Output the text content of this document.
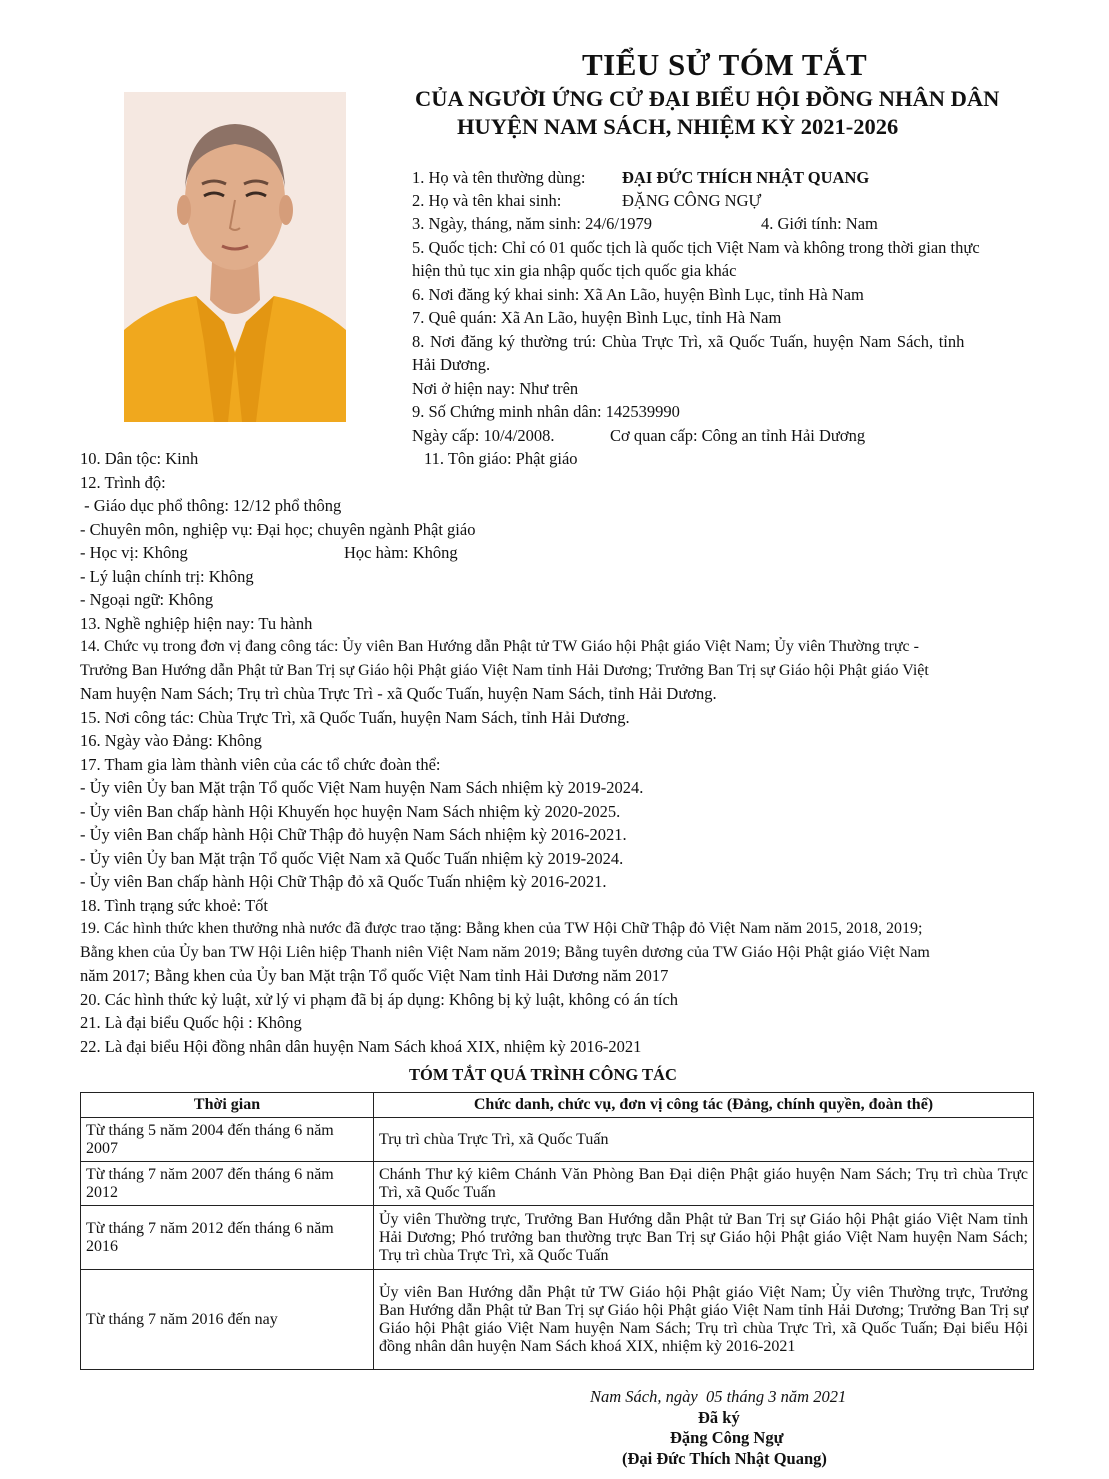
TIỂU SỬ TÓM TẮT
CỦA NGƯỜI ỨNG CỬ ĐẠI BIỂU HỘI ĐỒNG NHÂN DÂN
HUYỆN NAM SÁCH, NHIỆM KỲ 2021-2026
1. Họ và tên thường dùng: ĐẠI ĐỨC THÍCH NHẬT QUANG
2. Họ và tên khai sinh:	ĐẶNG CÔNG NGỰ
3. Ngày, tháng, năm sinh: 24/6/1979	4. Giới tính: Nam
5. Quốc tịch: Chỉ có 01 quốc tịch là quốc tịch Việt Nam và không trong thời gian thực
hiện thủ tục xin gia nhập quốc tịch quốc gia khác
6. Nơi đăng ký khai sinh: Xã An Lão, huyện Bình Lục, tỉnh Hà Nam
7. Quê quán: Xã An Lão, huyện Bình Lục, tỉnh Hà Nam
8. Nơi đăng ký thường trú: Chùa Trực Trì, xã Quốc Tuấn, huyện Nam Sách, tỉnh
Hải Dương.
Nơi ở hiện nay: Như trên
9. Số Chứng minh nhân dân: 142539990
Ngày cấp: 10/4/2008.	Cơ quan cấp: Công an tỉnh Hải Dương
10. Dân tộc: Kinh	11. Tôn giáo: Phật giáo
12. Trình độ:
- Giáo dục phổ thông: 12/12 phổ thông
- Chuyên môn, nghiệp vụ: Đại học; chuyên ngành Phật giáo
- Học vị: Không	Học hàm: Không
- Lý luận chính trị: Không
- Ngoại ngữ: Không
13. Nghề nghiệp hiện nay: Tu hành
14. Chức vụ trong đơn vị đang công tác: Ủy viên Ban Hướng dẫn Phật tử TW Giáo hội Phật giáo Việt Nam; Ủy viên Thường trực -
Trưởng Ban Hướng dẫn Phật tử Ban Trị sự Giáo hội Phật giáo Việt Nam tỉnh Hải Dương; Trưởng Ban Trị sự Giáo hội Phật giáo Việt
Nam huyện Nam Sách; Trụ trì chùa Trực Trì - xã Quốc Tuấn, huyện Nam Sách, tỉnh Hải Dương.
15. Nơi công tác: Chùa Trực Trì, xã Quốc Tuấn, huyện Nam Sách, tỉnh Hải Dương.
16. Ngày vào Đảng: Không
17. Tham gia làm thành viên của các tổ chức đoàn thể:
- Ủy viên Ủy ban Mặt trận Tổ quốc Việt Nam huyện Nam Sách nhiệm kỳ 2019-2024.
- Ủy viên Ban chấp hành Hội Khuyến học huyện Nam Sách nhiệm kỳ 2020-2025.
- Ủy viên Ban chấp hành Hội Chữ Thập đỏ huyện Nam Sách nhiệm kỳ 2016-2021.
- Ủy viên Ủy ban Mặt trận Tổ quốc Việt Nam xã Quốc Tuấn nhiệm kỳ 2019-2024.
- Ủy viên Ban chấp hành Hội Chữ Thập đỏ xã Quốc Tuấn nhiệm kỳ 2016-2021.
18. Tình trạng sức khoẻ: Tốt
19. Các hình thức khen thưởng nhà nước đã được trao tặng: Bằng khen của TW Hội Chữ Thập đỏ Việt Nam năm 2015, 2018, 2019;
Bằng khen của Ủy ban TW Hội Liên hiệp Thanh niên Việt Nam năm 2019; Bằng tuyên dương của TW Giáo Hội Phật giáo Việt Nam
năm 2017; Bằng khen của Ủy ban Mặt trận Tổ quốc Việt Nam tỉnh Hải Dương năm 2017
20. Các hình thức kỷ luật, xử lý vi phạm đã bị áp dụng: Không bị kỷ luật, không có án tích
21. Là đại biểu Quốc hội : Không
22. Là đại biểu Hội đồng nhân dân huyện Nam Sách khoá XIX, nhiệm kỳ 2016-2021
TÓM TẮT QUÁ TRÌNH CÔNG TÁC
Thời gian	Chức danh, chức vụ, đơn vị công tác (Đảng, chính quyền, đoàn thể)
Từ tháng 5 năm 2004 đến tháng 6 năm 2007	Trụ trì chùa Trực Trì, xã Quốc Tuấn
Từ tháng 7 năm 2007 đến tháng 6 năm 2012	Chánh Thư ký kiêm Chánh Văn Phòng Ban Đại diện Phật giáo huyện Nam Sách; Trụ trì chùa Trực Trì, xã Quốc Tuấn
Từ tháng 7 năm 2012 đến tháng 6 năm 2016	Ủy viên Thường trực, Trưởng Ban Hướng dẫn Phật tử Ban Trị sự Giáo hội Phật giáo Việt Nam tỉnh Hải Dương; Phó trưởng ban thường trực Ban Trị sự Giáo hội Phật giáo Việt Nam huyện Nam Sách; Trụ trì chùa Trực Trì, xã Quốc Tuấn
Từ tháng 7 năm 2016 đến nay	Ủy viên Ban Hướng dẫn Phật tử TW Giáo hội Phật giáo Việt Nam; Ủy viên Thường trực, Trưởng Ban Hướng dẫn Phật tử Ban Trị sự Giáo hội Phật giáo Việt Nam tỉnh Hải Dương; Trưởng Ban Trị sự Giáo hội Phật giáo Việt Nam huyện Nam Sách; Trụ trì chùa Trực Trì, xã Quốc Tuấn; Đại biểu Hội đồng nhân dân huyện Nam Sách khoá XIX, nhiệm kỳ 2016-2021
Nam Sách, ngày  05 tháng 3 năm 2021
Đã ký
Đặng Công Ngự
(Đại Đức Thích Nhật Quang)
